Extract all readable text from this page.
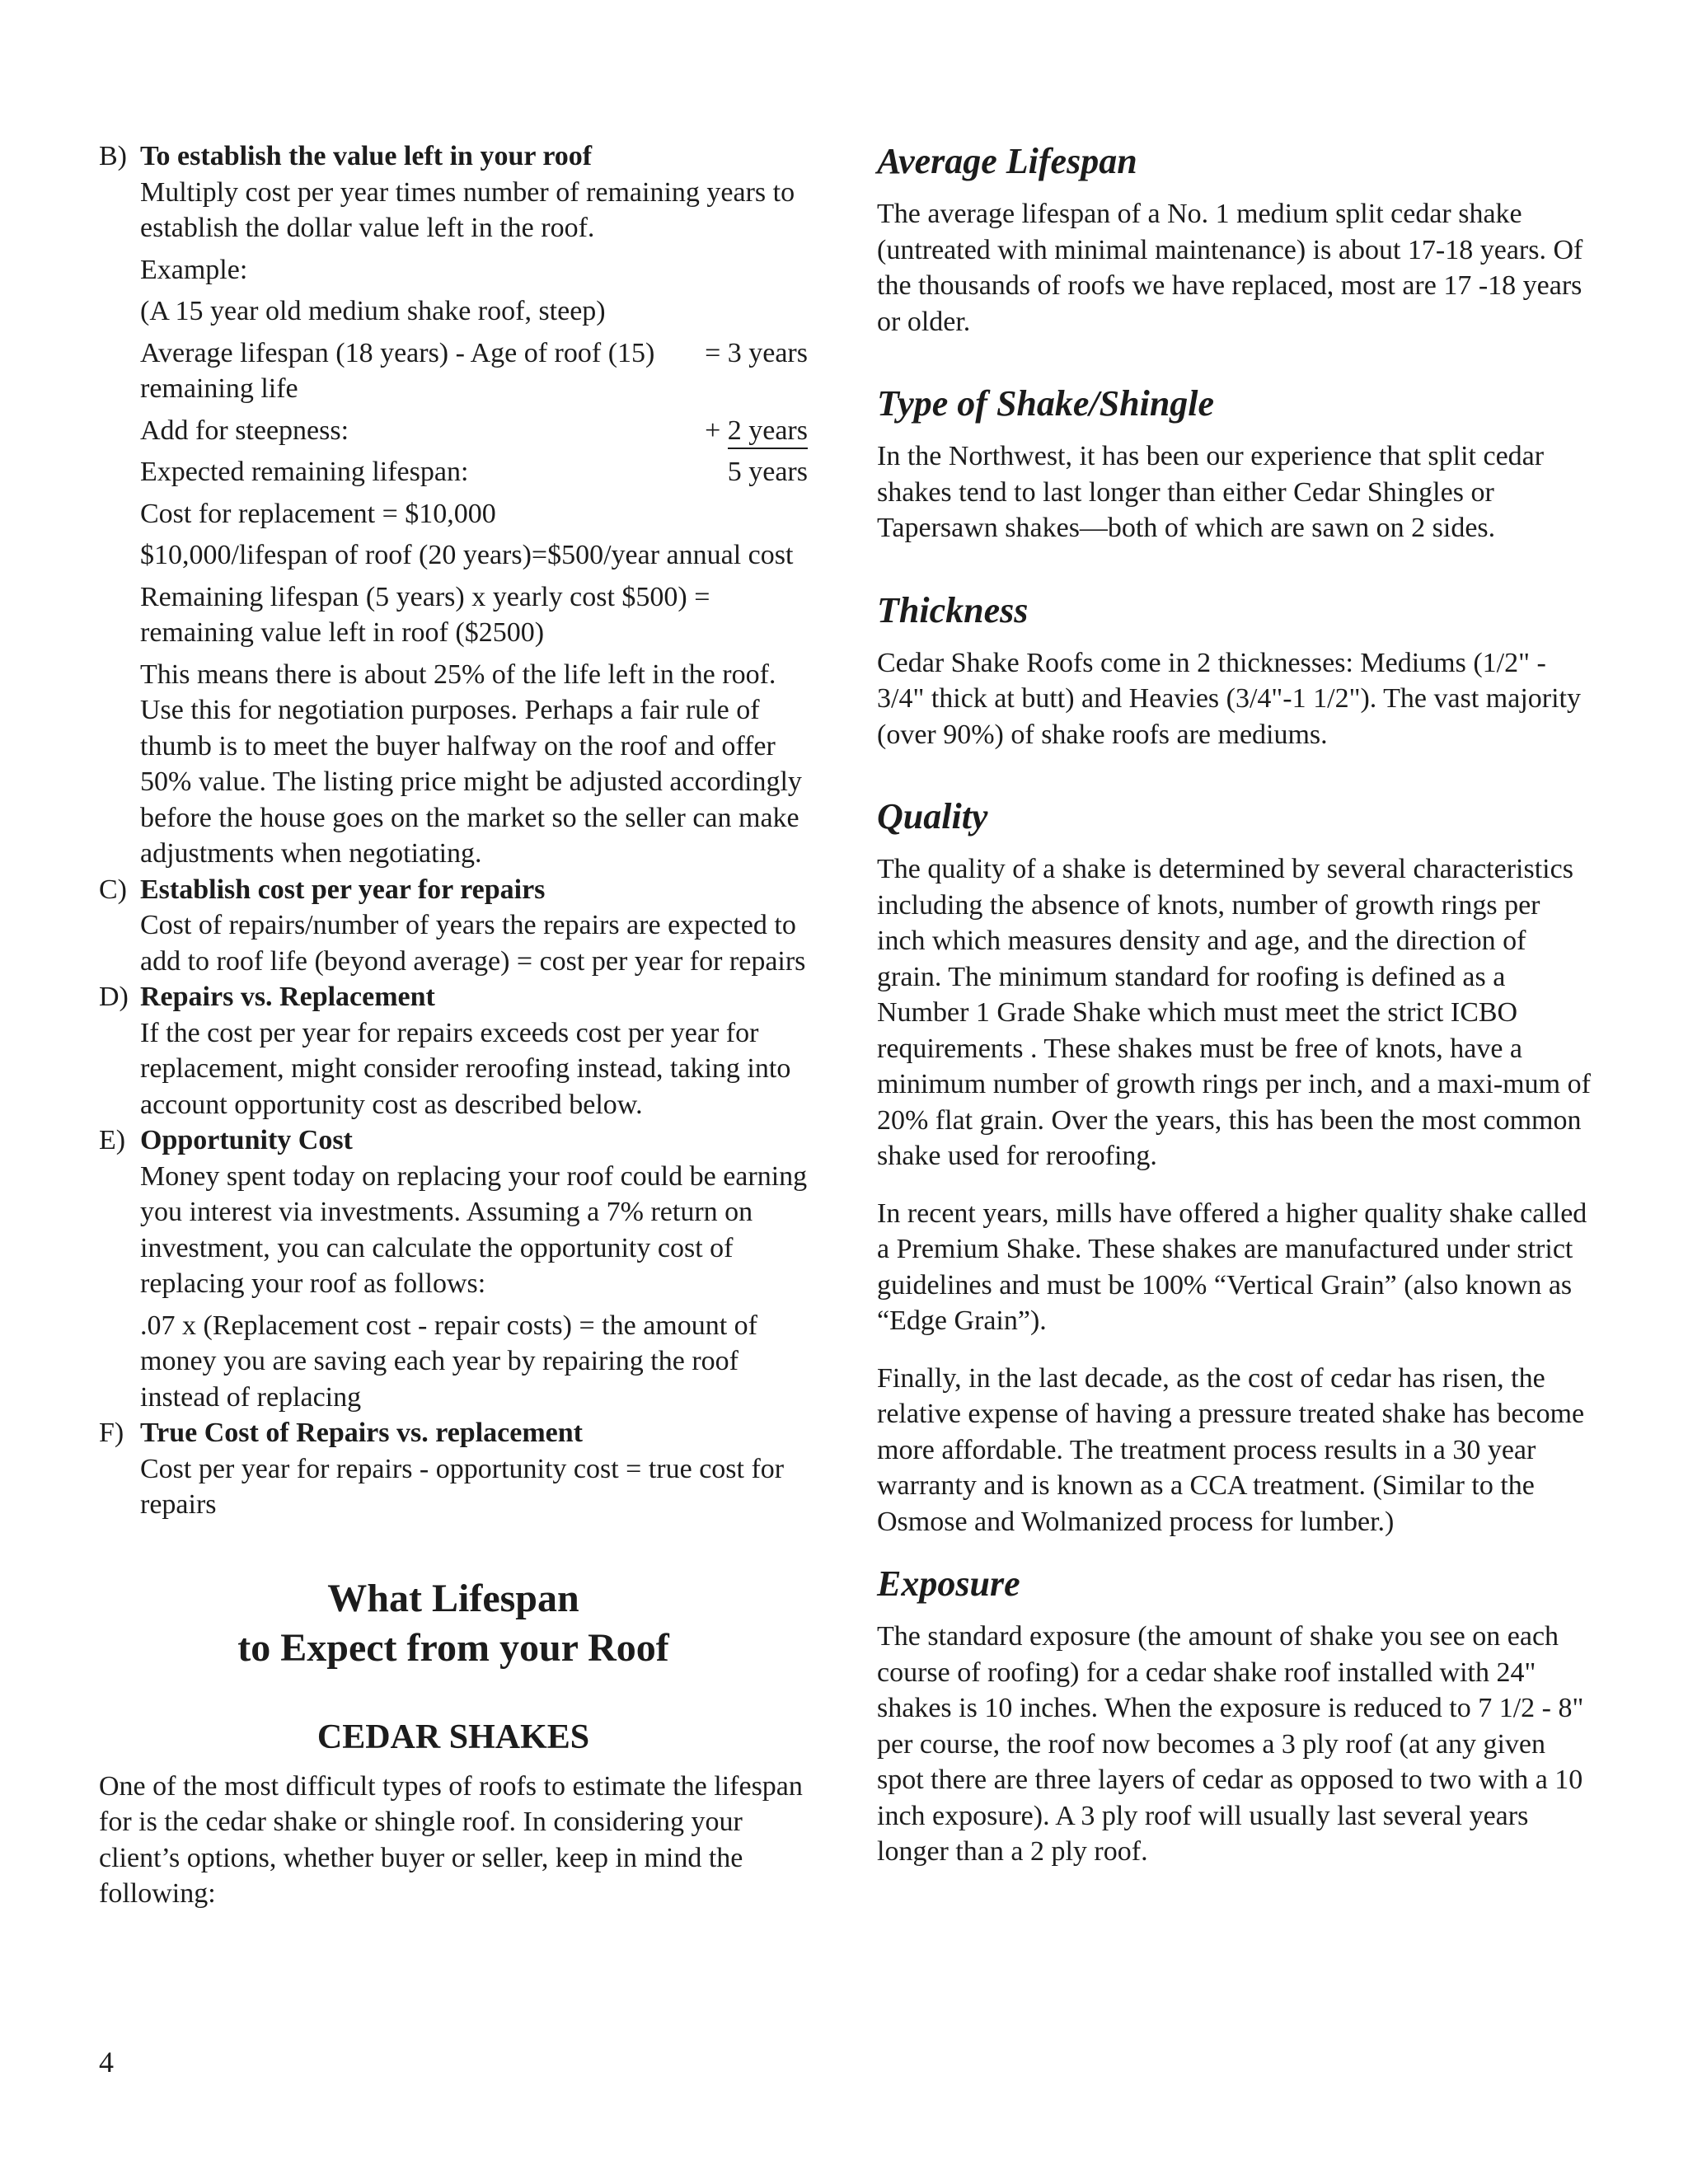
B) To establish the value left in your roof

Multiply cost per year times number of remaining years to establish the dollar value left in the roof.

Example:

(A 15 year old medium shake roof, steep)

Average lifespan (18 years) - Age of roof (15) = 3 years

remaining life

Add for steepness:	+ 2 years
Expected remaining lifespan:	5 years

Cost for replacement = $10,000

$10,000/lifespan of roof (20 years)=$500/year annual cost

Remaining lifespan (5 years) x yearly cost $500) = remaining value left in roof ($2500)

This means there is about 25% of the life left in the roof. Use this for negotiation purposes. Perhaps a fair rule of thumb is to meet the buyer halfway on the roof and offer 50% value. The listing price might be adjusted accordingly before the house goes on the market so the seller can make adjustments when negotiating.

C) Establish cost per year for repairs

Cost of repairs/number of years the repairs are expected to add to roof life (beyond average) = cost per year for repairs

D) Repairs vs. Replacement

If the cost per year for repairs exceeds cost per year for replacement, might consider reroofing instead, taking into account opportunity cost as described below.

E) Opportunity Cost

Money spent today on replacing your roof could be earning you interest via investments. Assuming a 7% return on investment, you can calculate the opportunity cost of replacing your roof as follows:

.07 x (Replacement cost - repair costs) = the amount of money you are saving each year by repairing the roof instead of replacing

F) True Cost of Repairs vs. replacement

Cost per year for repairs - opportunity cost = true cost for repairs

What Lifespan
to Expect from your Roof
CEDAR SHAKES

One of the most difficult types of roofs to estimate the lifespan for is the cedar shake or shingle roof. In considering your client’s options, whether buyer or seller, keep in mind the following:

Average Lifespan

The average lifespan of a No. 1 medium split cedar shake (untreated with minimal maintenance) is about 17-18 years. Of the thousands of roofs we have replaced, most are 17 -18 years or older.

Type of Shake/Shingle

In the Northwest, it has been our experience that split cedar shakes tend to last longer than either Cedar Shingles or Tapersawn shakes—both of which are sawn on 2 sides.

Thickness

Cedar Shake Roofs come in 2 thicknesses: Mediums (1/2" - 3/4" thick at butt) and Heavies (3/4"-1 1/2"). The vast majority (over 90%) of shake roofs are mediums.

Quality

The quality of a shake is determined by several characteristics including the absence of knots, number of growth rings per inch which measures density and age, and the direction of grain. The minimum standard for roofing is defined as a Number 1 Grade Shake which must meet the strict ICBO requirements . These shakes must be free of knots, have a minimum number of growth rings per inch, and a maxi-mum of 20% flat grain. Over the years, this has been the most common shake used for reroofing.

In recent years, mills have offered a higher quality shake called a Premium Shake. These shakes are manufactured under strict guidelines and must be 100% “Vertical Grain” (also known as “Edge Grain”).

Finally, in the last decade, as the cost of cedar has risen, the relative expense of having a pressure treated shake has become more affordable. The treatment process results in a 30 year warranty and is known as a CCA treatment. (Similar to the Osmose and Wolmanized process for lumber.)

Exposure

The standard exposure (the amount of shake you see on each course of roofing) for a cedar shake roof installed with 24" shakes is 10 inches. When the exposure is reduced to 7 1/2 - 8" per course, the roof now becomes a 3 ply roof (at any given spot there are three layers of cedar as opposed to two with a 10 inch exposure). A 3 ply roof will usually last several years longer than a 2 ply roof.

4
